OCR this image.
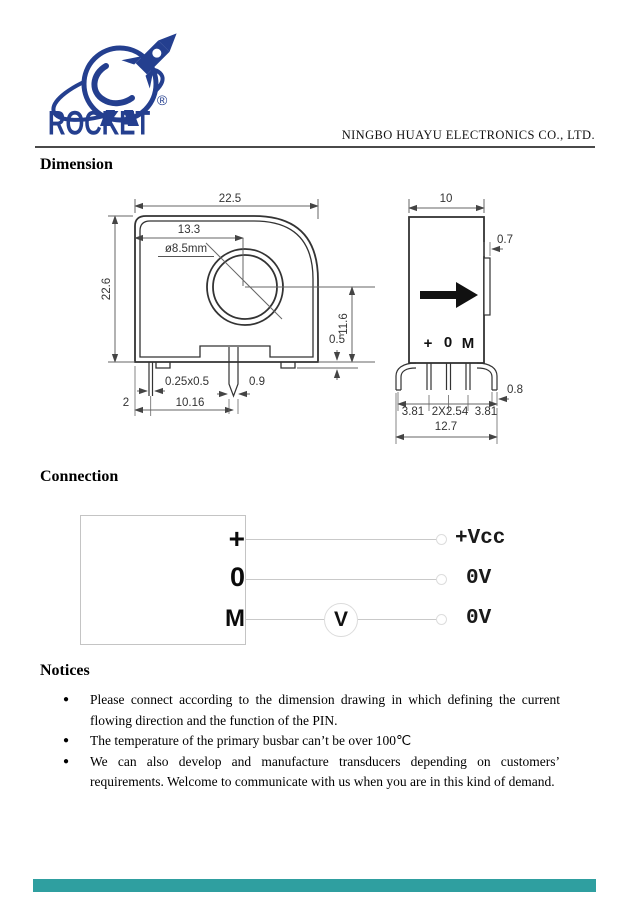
ROCKET
®
NINGBO HUAYU ELECTRONICS CO., LTD.
Dimension
22.5
22.6
13.3
ø8.5mm
11.6
0.5
0.25x0.5	0.9
2	10.16
10
0.7
+ 0 M
0.8
3.81 2X2.54 3.81
12.7
Connection
+
0
M	V
+Vcc
0V
0V
Notices
●	Please connect according to the dimension drawing in which defining the current flowing direction and the function of the PIN.
●	The temperature of the primary busbar can’t be over 100℃
●	We can also develop and manufacture transducers depending on customers’ requirements. Welcome to communicate with us when you are in this kind of demand.
